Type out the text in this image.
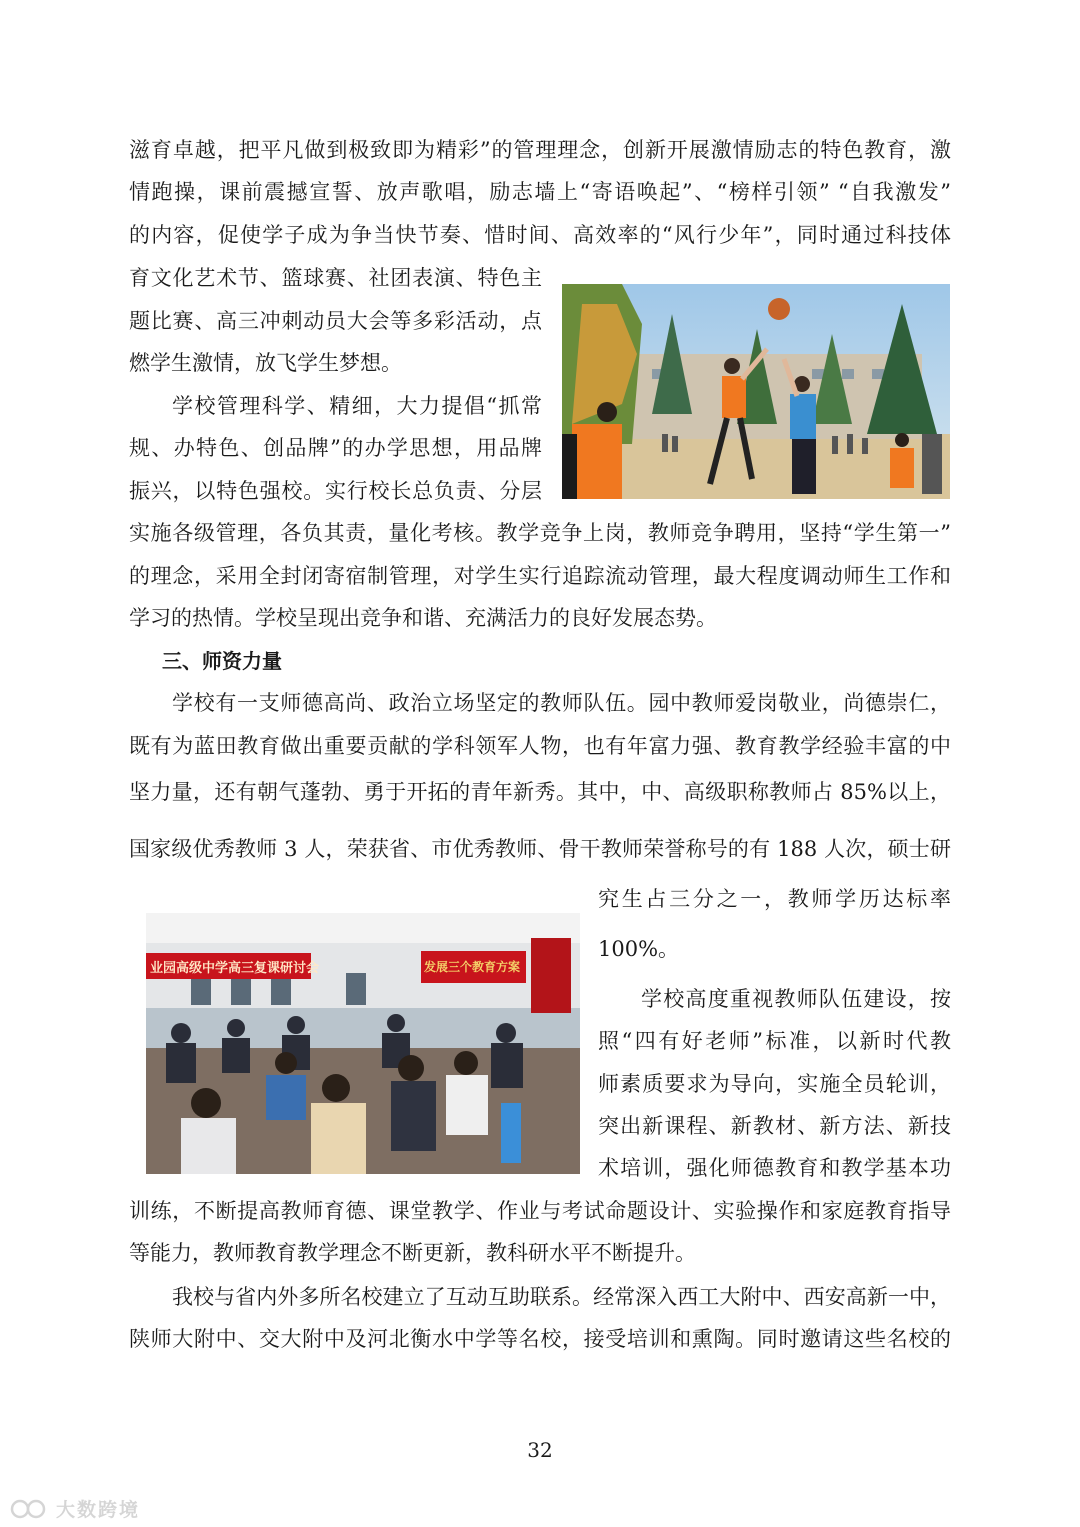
滋育卓越，把平凡做到极致即为精彩”的管理理念，创新开展激情励志的特色教育，激

情跑操，课前震撼宣誓、放声歌唱，励志墙上“寄语唤起”、“榜样引领” “自我激发”

的内容，促使学子成为争当快节奏、惜时间、高效率的“风行少年”，同时通过科技体

育文化艺术节、篮球赛、社团表演、特色主

题比赛、高三冲刺动员大会等多彩活动，点

燃学生激情，放飞学生梦想。

学校管理科学、精细，大力提倡“抓常

规、办特色、创品牌”的办学思想，用品牌

振兴，以特色强校。实行校长总负责、分层

实施各级管理，各负其责，量化考核。教学竞争上岗，教师竞争聘用，坚持“学生第一”

的理念，采用全封闭寄宿制管理，对学生实行追踪流动管理，最大程度调动师生工作和

学习的热情。学校呈现出竞争和谐、充满活力的良好发展态势。

三、师资力量

学校有一支师德高尚、政治立场坚定的教师队伍。园中教师爱岗敬业，尚德崇仁，

既有为蓝田教育做出重要贡献的学科领军人物，也有年富力强、教育教学经验丰富的中

坚力量，还有朝气蓬勃、勇于开拓的青年新秀。其中，中、高级职称教师占 85%以上，

国家级优秀教师 3 人，荣获省、市优秀教师、骨干教师荣誉称号的有 188 人次，硕士研

究生占三分之一，教师学历达标率

100%。

学校高度重视教师队伍建设，按

照“四有好老师”标准，以新时代教

师素质要求为导向，实施全员轮训，

突出新课程、新教材、新方法、新技

术培训，强化师德教育和教学基本功

训练，不断提高教师育德、课堂教学、作业与考试命题设计、实验操作和家庭教育指导

等能力，教师教育教学理念不断更新，教科研水平不断提升。

我校与省内外多所名校建立了互动互助联系。经常深入西工大附中、西安高新一中，

陕师大附中、交大附中及河北衡水中学等名校，接受培训和熏陶。同时邀请这些名校的

业园高级中学高三复课研讨会	发展三个教育方案
32
大数跨境
